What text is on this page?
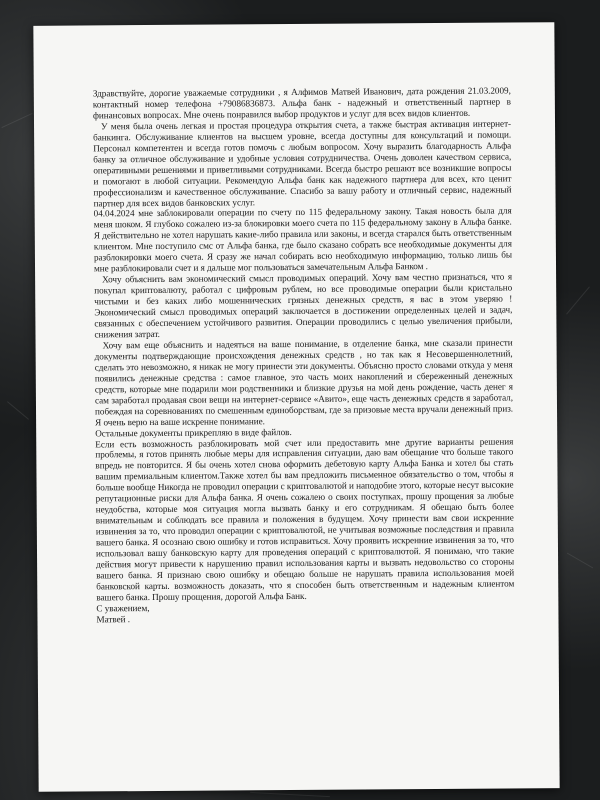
Здравствуйте, дорогие уважаемые сотрудники , я Алфимов Матвей Иванович, дата рождения 21.03.2009, контактный номер телефона +79086836873. Альфа банк - надежный и ответственный партнер в финансовых вопросах. Мне очень понравился выбор продуктов и услуг для всех видов клиентов.

У меня была очень легкая и простая процедура открытия счета, а также быстрая активация интернет-банкинга. Обслуживание клиентов на высшем уровне, всегда доступны для консультаций и помощи. Персонал компетентен и всегда готов помочь с любым вопросом. Хочу выразить благодарность Альфа банку за отличное обслуживание и удобные условия сотрудничества. Очень доволен качеством сервиса, оперативными решениями и приветливыми сотрудниками. Всегда быстро решают все возникшие вопросы и помогают в любой ситуации. Рекомендую Альфа банк как надежного партнера для всех, кто ценит профессионализм и качественное обслуживание. Спасибо за вашу работу и отличный сервис, надежный партнер для всех видов банковских услуг.

04.04.2024 мне заблокировали операции по счету по 115 федеральному закону. Такая новость была для меня шоком. Я глубоко сожалею из-за блокировки моего счета по 115 федеральному закону в Альфа банке. Я действительно не хотел нарушать какие-либо правила или законы, и всегда старался быть ответственным клиентом. Мне поступило смс от Альфа банка, где было сказано собрать все необходимые документы для разблокировки моего счета. Я сразу же начал собирать всю необходимую информацию, только лишь бы мне разблокировали счет и я дальше мог пользоваться замечательным Альфа Банком .

Хочу объяснить вам экономический смысл проводимых операций. Хочу вам честно признаться, что я покупал криптовалюту, работал с цифровым рублем, но все проводимые операции были кристально чистыми и без каких либо мошеннических грязных денежных средств, я вас в этом уверяю ! Экономический смысл проводимых операций заключается в достижении определенных целей и задач, связанных с обеспечением устойчивого развития. Операции проводились с целью увеличения прибыли, снижения затрат.

Хочу вам еще объяснить и надеяться на ваше понимание, в отделение банка, мне сказали принести документы подтверждающие происхождения денежных средств , но так как я Несовершеннолетний, сделать это невозможно, я никак не могу принести эти документы. Объясню просто словами откуда у меня появились денежные средства : самое главное, это часть моих накоплений и сбереженный денежных средств, которые мне подарили мои родственники и близкие друзья на мой день рождение, часть денег я сам заработал продавая свои вещи на интернет-сервисе «Авито», еще часть денежных средств я заработал, побеждая на соревнованиях по смешенным единоборствам, где за призовые места вручали денежный приз. Я очень верю на ваше искренне понимание.

Остальные документы прикрепляю в виде файлов.

Если есть возможность разблокировать мой счет или предоставить мне другие варианты решения проблемы, я готов принять любые меры для исправления ситуации, даю вам обещание что больше такого впредь не повторится. Я бы очень хотел снова оформить дебетовую карту Альфа Банка и хотел бы стать вашим премиальным клиентом.Также хотел бы вам предложить письменное обязательство о том, чтобы я больше вообще Никогда не проводил операции с криптовалютой и наподобие этого, которые несут высокие репутационные риски для Альфа банка. Я очень сожалею о своих поступках, прошу прощения за любые неудобства, которые моя ситуация могла вызвать банку и его сотрудникам. Я обещаю быть более внимательным и соблюдать все правила и положения в будущем. Хочу принести вам свои искренние извинения за то, что проводил операции с криптовалютой, не учитывая возможные последствия и правила вашего банка. Я осознаю свою ошибку и готов исправиться. Хочу проявить искренние извинения за то, что использовал вашу банковскую карту для проведения операций с криптовалютой. Я понимаю, что такие действия могут привести к нарушению правил использования карты и вызвать недовольство со стороны вашего банка. Я признаю свою ошибку и обещаю больше не нарушать правила использования моей банковской карты. возможность доказать, что я способен быть ответственным и надежным клиентом вашего банка. Прошу прощения, дорогой Альфа Банк.

С уважением,

Матвей .
